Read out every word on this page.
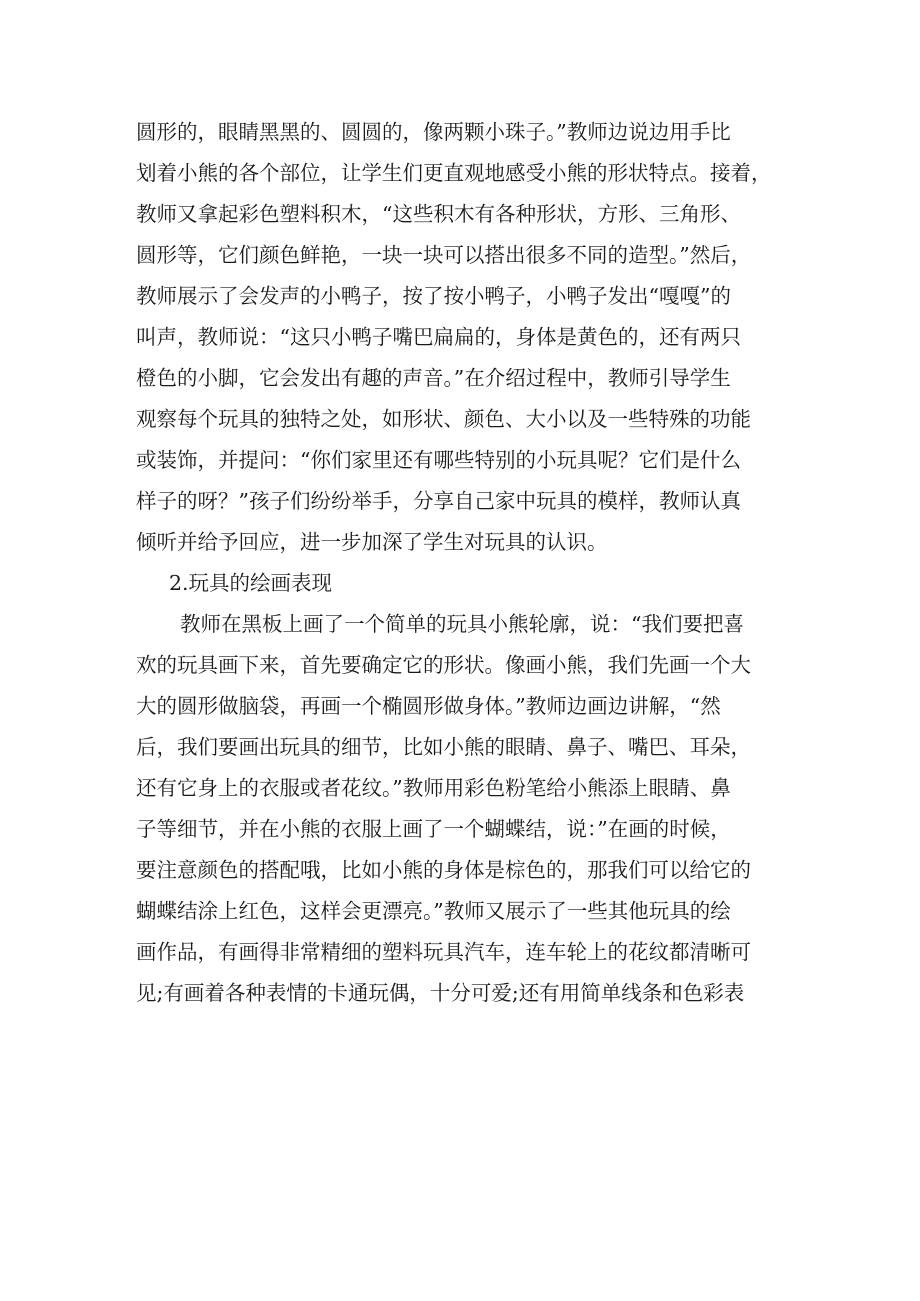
圆形的，眼睛黑黑的、圆圆的，像两颗小珠子。”教师边说边用手比
划着小熊的各个部位，让学生们更直观地感受小熊的形状特点。接着，
教师又拿起彩色塑料积木，“这些积木有各种形状，方形、三角形、
圆形等，它们颜色鲜艳，一块一块可以搭出很多不同的造型。”然后，
教师展示了会发声的小鸭子，按了按小鸭子，小鸭子发出“嘎嘎”的
叫声，教师说：“这只小鸭子嘴巴扁扁的，身体是黄色的，还有两只
橙色的小脚，它会发出有趣的声音。”在介绍过程中，教师引导学生
观察每个玩具的独特之处，如形状、颜色、大小以及一些特殊的功能
或装饰，并提问：“你们家里还有哪些特别的小玩具呢？它们是什么
样子的呀？”孩子们纷纷举手，分享自己家中玩具的模样，教师认真
倾听并给予回应，进一步加深了学生对玩具的认识。
2.玩具的绘画表现
教师在黑板上画了一个简单的玩具小熊轮廓，说：“我们要把喜
欢的玩具画下来，首先要确定它的形状。像画小熊，我们先画一个大
大的圆形做脑袋，再画一个椭圆形做身体。”教师边画边讲解，“然
后，我们要画出玩具的细节，比如小熊的眼睛、鼻子、嘴巴、耳朵，
还有它身上的衣服或者花纹。”教师用彩色粉笔给小熊添上眼睛、鼻
子等细节，并在小熊的衣服上画了一个蝴蝶结，说：”在画的时候，
要注意颜色的搭配哦，比如小熊的身体是棕色的，那我们可以给它的
蝴蝶结涂上红色，这样会更漂亮。”教师又展示了一些其他玩具的绘
画作品，有画得非常精细的塑料玩具汽车，连车轮上的花纹都清晰可
见;有画着各种表情的卡通玩偶，十分可爱;还有用简单线条和色彩表
